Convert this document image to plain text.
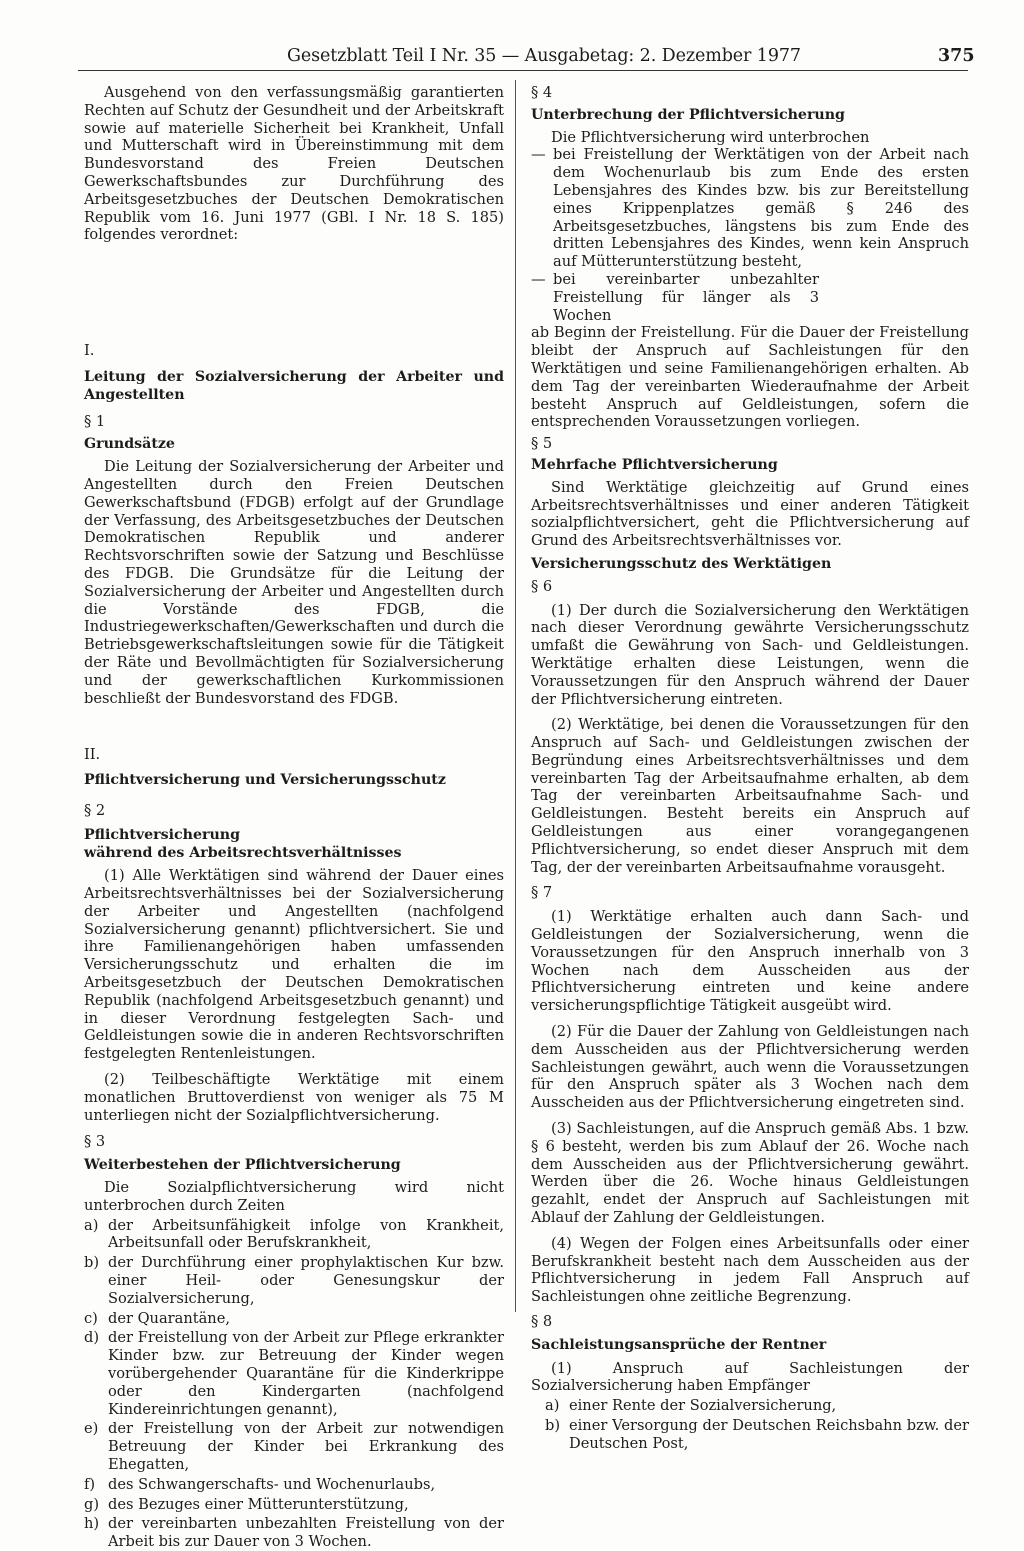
Gesetzblatt Teil I Nr. 35 — Ausgabetag: 2. Dezember 1977	375

Ausgehend von den verfassungsmäßig garantierten Rechten auf Schutz der Gesundheit und der Arbeitskraft sowie auf materielle Sicherheit bei Krankheit, Unfall und Mutterschaft wird in Übereinstimmung mit dem Bundesvorstand des Freien Deutschen Gewerkschaftsbundes zur Durchführung des Arbeitsgesetzbuches der Deutschen Demokratischen Republik vom 16. Juni 1977 (GBl. I Nr. 18 S. 185) folgendes verordnet:

I.

Leitung der Sozialversicherung der Arbeiter und Angestellten

§ 1

Grundsätze

Die Leitung der Sozialversicherung der Arbeiter und Angestellten durch den Freien Deutschen Gewerkschaftsbund (FDGB) erfolgt auf der Grundlage der Verfassung, des Arbeitsgesetzbuches der Deutschen Demokratischen Republik und anderer Rechtsvorschriften sowie der Satzung und Beschlüsse des FDGB. Die Grundsätze für die Leitung der Sozialversicherung der Arbeiter und Angestellten durch die Vorstände des FDGB, die Industriegewerkschaften/Gewerkschaften und durch die Betriebsgewerkschaftsleitungen sowie für die Tätigkeit der Räte und Bevollmächtigten für Sozialversicherung und der gewerkschaftlichen Kurkommissionen beschließt der Bundesvorstand des FDGB.

II.

Pflichtversicherung und Versicherungsschutz

§ 2

Pflichtversicherung

während des Arbeitsrechtsverhältnisses

(1) Alle Werktätigen sind während der Dauer eines Arbeitsrechtsverhältnisses bei der Sozialversicherung der Arbeiter und Angestellten (nachfolgend Sozialversicherung genannt) pflichtversichert. Sie und ihre Familienangehörigen haben umfassenden Versicherungsschutz und erhalten die im Arbeitsgesetzbuch der Deutschen Demokratischen Republik (nachfolgend Arbeitsgesetzbuch genannt) und in dieser Verordnung festgelegten Sach- und Geldleistungen sowie die in anderen Rechtsvorschriften festgelegten Rentenleistungen.

(2) Teilbeschäftigte Werktätige mit einem monatlichen Bruttoverdienst von weniger als 75 M unterliegen nicht der Sozialpflichtversicherung.

§ 3

Weiterbestehen der Pflichtversicherung

Die Sozialpflichtversicherung wird nicht unterbrochen durch Zeiten

a) der Arbeitsunfähigkeit infolge von Krankheit, Arbeitsunfall oder Berufskrankheit,
b) der Durchführung einer prophylaktischen Kur bzw. einer Heil- oder Genesungskur der Sozialversicherung,
c) der Quarantäne,
d) der Freistellung von der Arbeit zur Pflege erkrankter Kinder bzw. zur Betreuung der Kinder wegen vorübergehender Quarantäne für die Kinderkrippe oder den Kindergarten (nachfolgend Kindereinrichtungen genannt),
e) der Freistellung von der Arbeit zur notwendigen Betreuung der Kinder bei Erkrankung des Ehegatten,
f) des Schwangerschafts- und Wochenurlaubs,
g) des Bezuges einer Mütterunterstützung,
h) der vereinbarten unbezahlten Freistellung von der Arbeit bis zur Dauer von 3 Wochen.

§ 4

Unterbrechung der Pflichtversicherung

Die Pflichtversicherung wird unterbrochen

— bei Freistellung der Werktätigen von der Arbeit nach dem Wochenurlaub bis zum Ende des ersten Lebensjahres des Kindes bzw. bis zur Bereitstellung eines Krippenplatzes gemäß § 246 des Arbeitsgesetzbuches, längstens bis zum Ende des dritten Lebensjahres des Kindes, wenn kein Anspruch auf Mütterunterstützung besteht,
— bei vereinbarter unbezahlter Freistellung für länger als 3 Wochen

ab Beginn der Freistellung. Für die Dauer der Freistellung bleibt der Anspruch auf Sachleistungen für den Werktätigen und seine Familienangehörigen erhalten. Ab dem Tag der vereinbarten Wiederaufnahme der Arbeit besteht Anspruch auf Geldleistungen, sofern die entsprechenden Voraussetzungen vorliegen.

§ 5

Mehrfache Pflichtversicherung

Sind Werktätige gleichzeitig auf Grund eines Arbeitsrechtsverhältnisses und einer anderen Tätigkeit sozialpflichtversichert, geht die Pflichtversicherung auf Grund des Arbeitsrechtsverhältnisses vor.

Versicherungsschutz des Werktätigen

§ 6

(1) Der durch die Sozialversicherung den Werktätigen nach dieser Verordnung gewährte Versicherungsschutz umfaßt die Gewährung von Sach- und Geldleistungen. Werktätige erhalten diese Leistungen, wenn die Voraussetzungen für den Anspruch während der Dauer der Pflichtversicherung eintreten.

(2) Werktätige, bei denen die Voraussetzungen für den Anspruch auf Sach- und Geldleistungen zwischen der Begründung eines Arbeitsrechtsverhältnisses und dem vereinbarten Tag der Arbeitsaufnahme erhalten, ab dem Tag der vereinbarten Arbeitsaufnahme Sach- und Geldleistungen. Besteht bereits ein Anspruch auf Geldleistungen aus einer vorangegangenen Pflichtversicherung, so endet dieser Anspruch mit dem Tag, der der vereinbarten Arbeitsaufnahme vorausgeht.

§ 7

(1) Werktätige erhalten auch dann Sach- und Geldleistungen der Sozialversicherung, wenn die Voraussetzungen für den Anspruch innerhalb von 3 Wochen nach dem Ausscheiden aus der Pflichtversicherung eintreten und keine andere versicherungspflichtige Tätigkeit ausgeübt wird.

(2) Für die Dauer der Zahlung von Geldleistungen nach dem Ausscheiden aus der Pflichtversicherung werden Sachleistungen gewährt, auch wenn die Voraussetzungen für den Anspruch später als 3 Wochen nach dem Ausscheiden aus der Pflichtversicherung eingetreten sind.

(3) Sachleistungen, auf die Anspruch gemäß Abs. 1 bzw. § 6 besteht, werden bis zum Ablauf der 26. Woche nach dem Ausscheiden aus der Pflichtversicherung gewährt. Werden über die 26. Woche hinaus Geldleistungen gezahlt, endet der Anspruch auf Sachleistungen mit Ablauf der Zahlung der Geldleistungen.

(4) Wegen der Folgen eines Arbeitsunfalls oder einer Berufskrankheit besteht nach dem Ausscheiden aus der Pflichtversicherung in jedem Fall Anspruch auf Sachleistungen ohne zeitliche Begrenzung.

§ 8

Sachleistungsansprüche der Rentner

(1) Anspruch auf Sachleistungen der Sozialversicherung haben Empfänger

a) einer Rente der Sozialversicherung,
b) einer Versorgung der Deutschen Reichsbahn bzw. der Deutschen Post,
